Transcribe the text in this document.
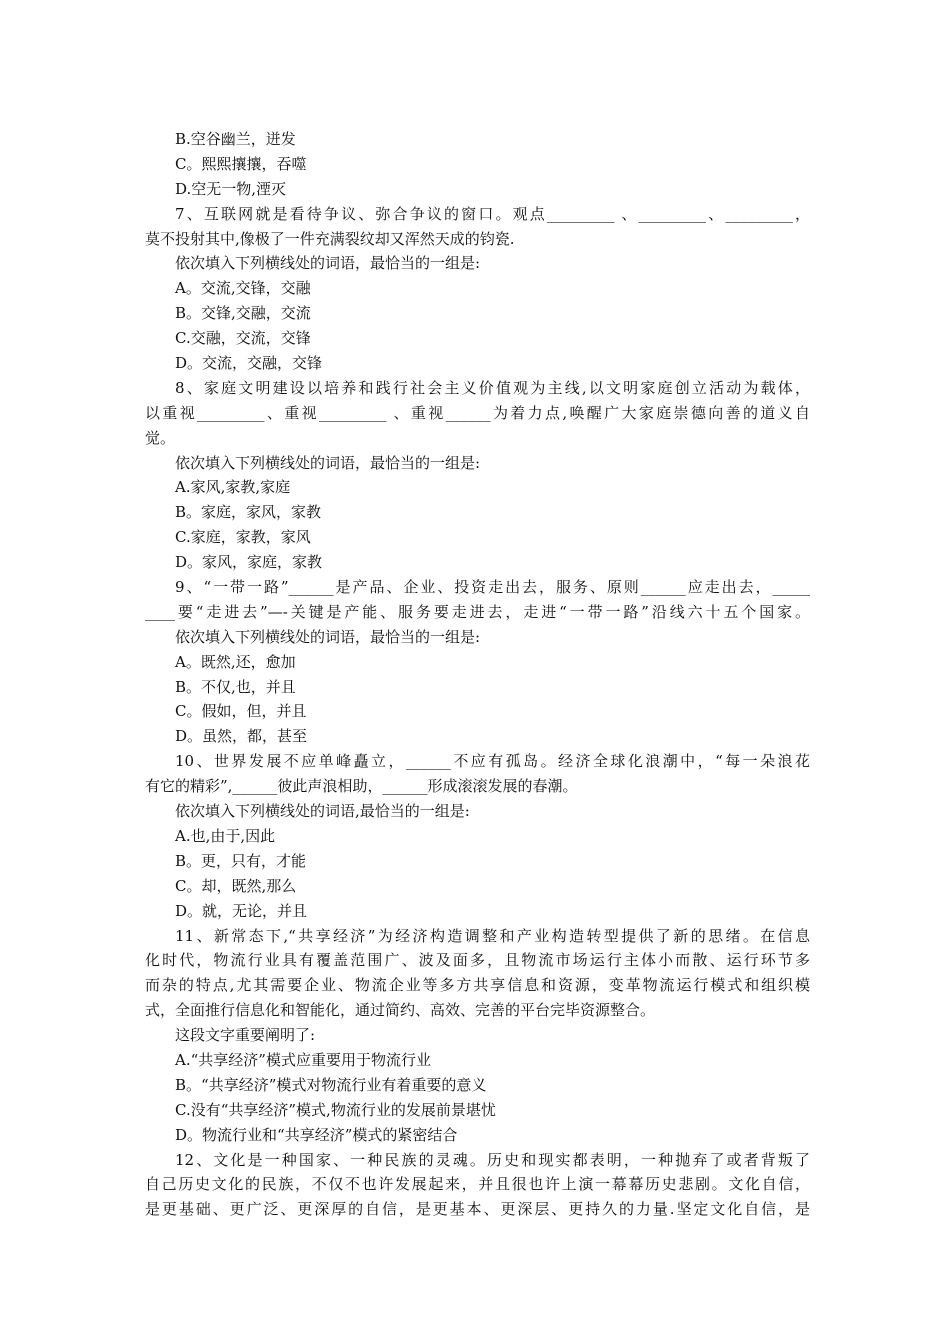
B.空谷幽兰，迸发
C。熙熙攘攘，吞噬
D.空无一物,湮灭
7、互联网就是看待争议、弥合争议的窗口。观点_________ 、_________、_________，
莫不投射其中,像极了一件充满裂纹却又浑然天成的钧瓷.
依次填入下列横线处的词语，最恰当的一组是:
A。交流,交锋，交融
B。交锋,交融，交流
C.交融，交流，交锋
D。交流，交融，交锋
8、家庭文明建设以培养和践行社会主义价值观为主线,以文明家庭创立活动为载体，
以重视_________、重视_________ 、重视______为着力点,唤醒广大家庭崇德向善的道义自
觉。
依次填入下列横线处的词语，最恰当的一组是:
A.家风,家教,家庭
B。家庭，家风，家教
C.家庭，家教，家风
D。家风，家庭，家教
9、“一带一路”______是产品、企业、投资走出去，服务、原则______应走出去，_____
____要“走进去”—-关键是产能、服务要走进去，走进“一带一路”沿线六十五个国家。
依次填入下列横线处的词语，最恰当的一组是:
A。既然,还，愈加
B。不仅,也，并且
C。假如，但，并且
D。虽然，都，甚至
10、世界发展不应单峰矗立，______不应有孤岛。经济全球化浪潮中，“每一朵浪花
有它的精彩”,______彼此声浪相助，______形成滚滚发展的春潮。
依次填入下列横线处的词语,最恰当的一组是:
A.也,由于,因此
B。更，只有，才能
C。却，既然,那么
D。就，无论，并且
11、新常态下,“共享经济”为经济构造调整和产业构造转型提供了新的思绪。在信息
化时代，物流行业具有覆盖范围广、波及面多，且物流市场运行主体小而散、运行环节多
而杂的特点,尤其需要企业、物流企业等多方共享信息和资源，变革物流运行模式和组织模
式，全面推行信息化和智能化，通过简约、高效、完善的平台完毕资源整合。
这段文字重要阐明了:
A.“共享经济”模式应重要用于物流行业
B。“共享经济”模式对物流行业有着重要的意义
C.没有“共享经济”模式,物流行业的发展前景堪忧
D。物流行业和“共享经济”模式的紧密结合
12、文化是一种国家、一种民族的灵魂。历史和现实都表明，一种抛弃了或者背叛了
自己历史文化的民族，不仅不也许发展起来，并且很也许上演一幕幕历史悲剧。文化自信，
是更基础、更广泛、更深厚的自信，是更基本、更深层、更持久的力量.坚定文化自信，是
